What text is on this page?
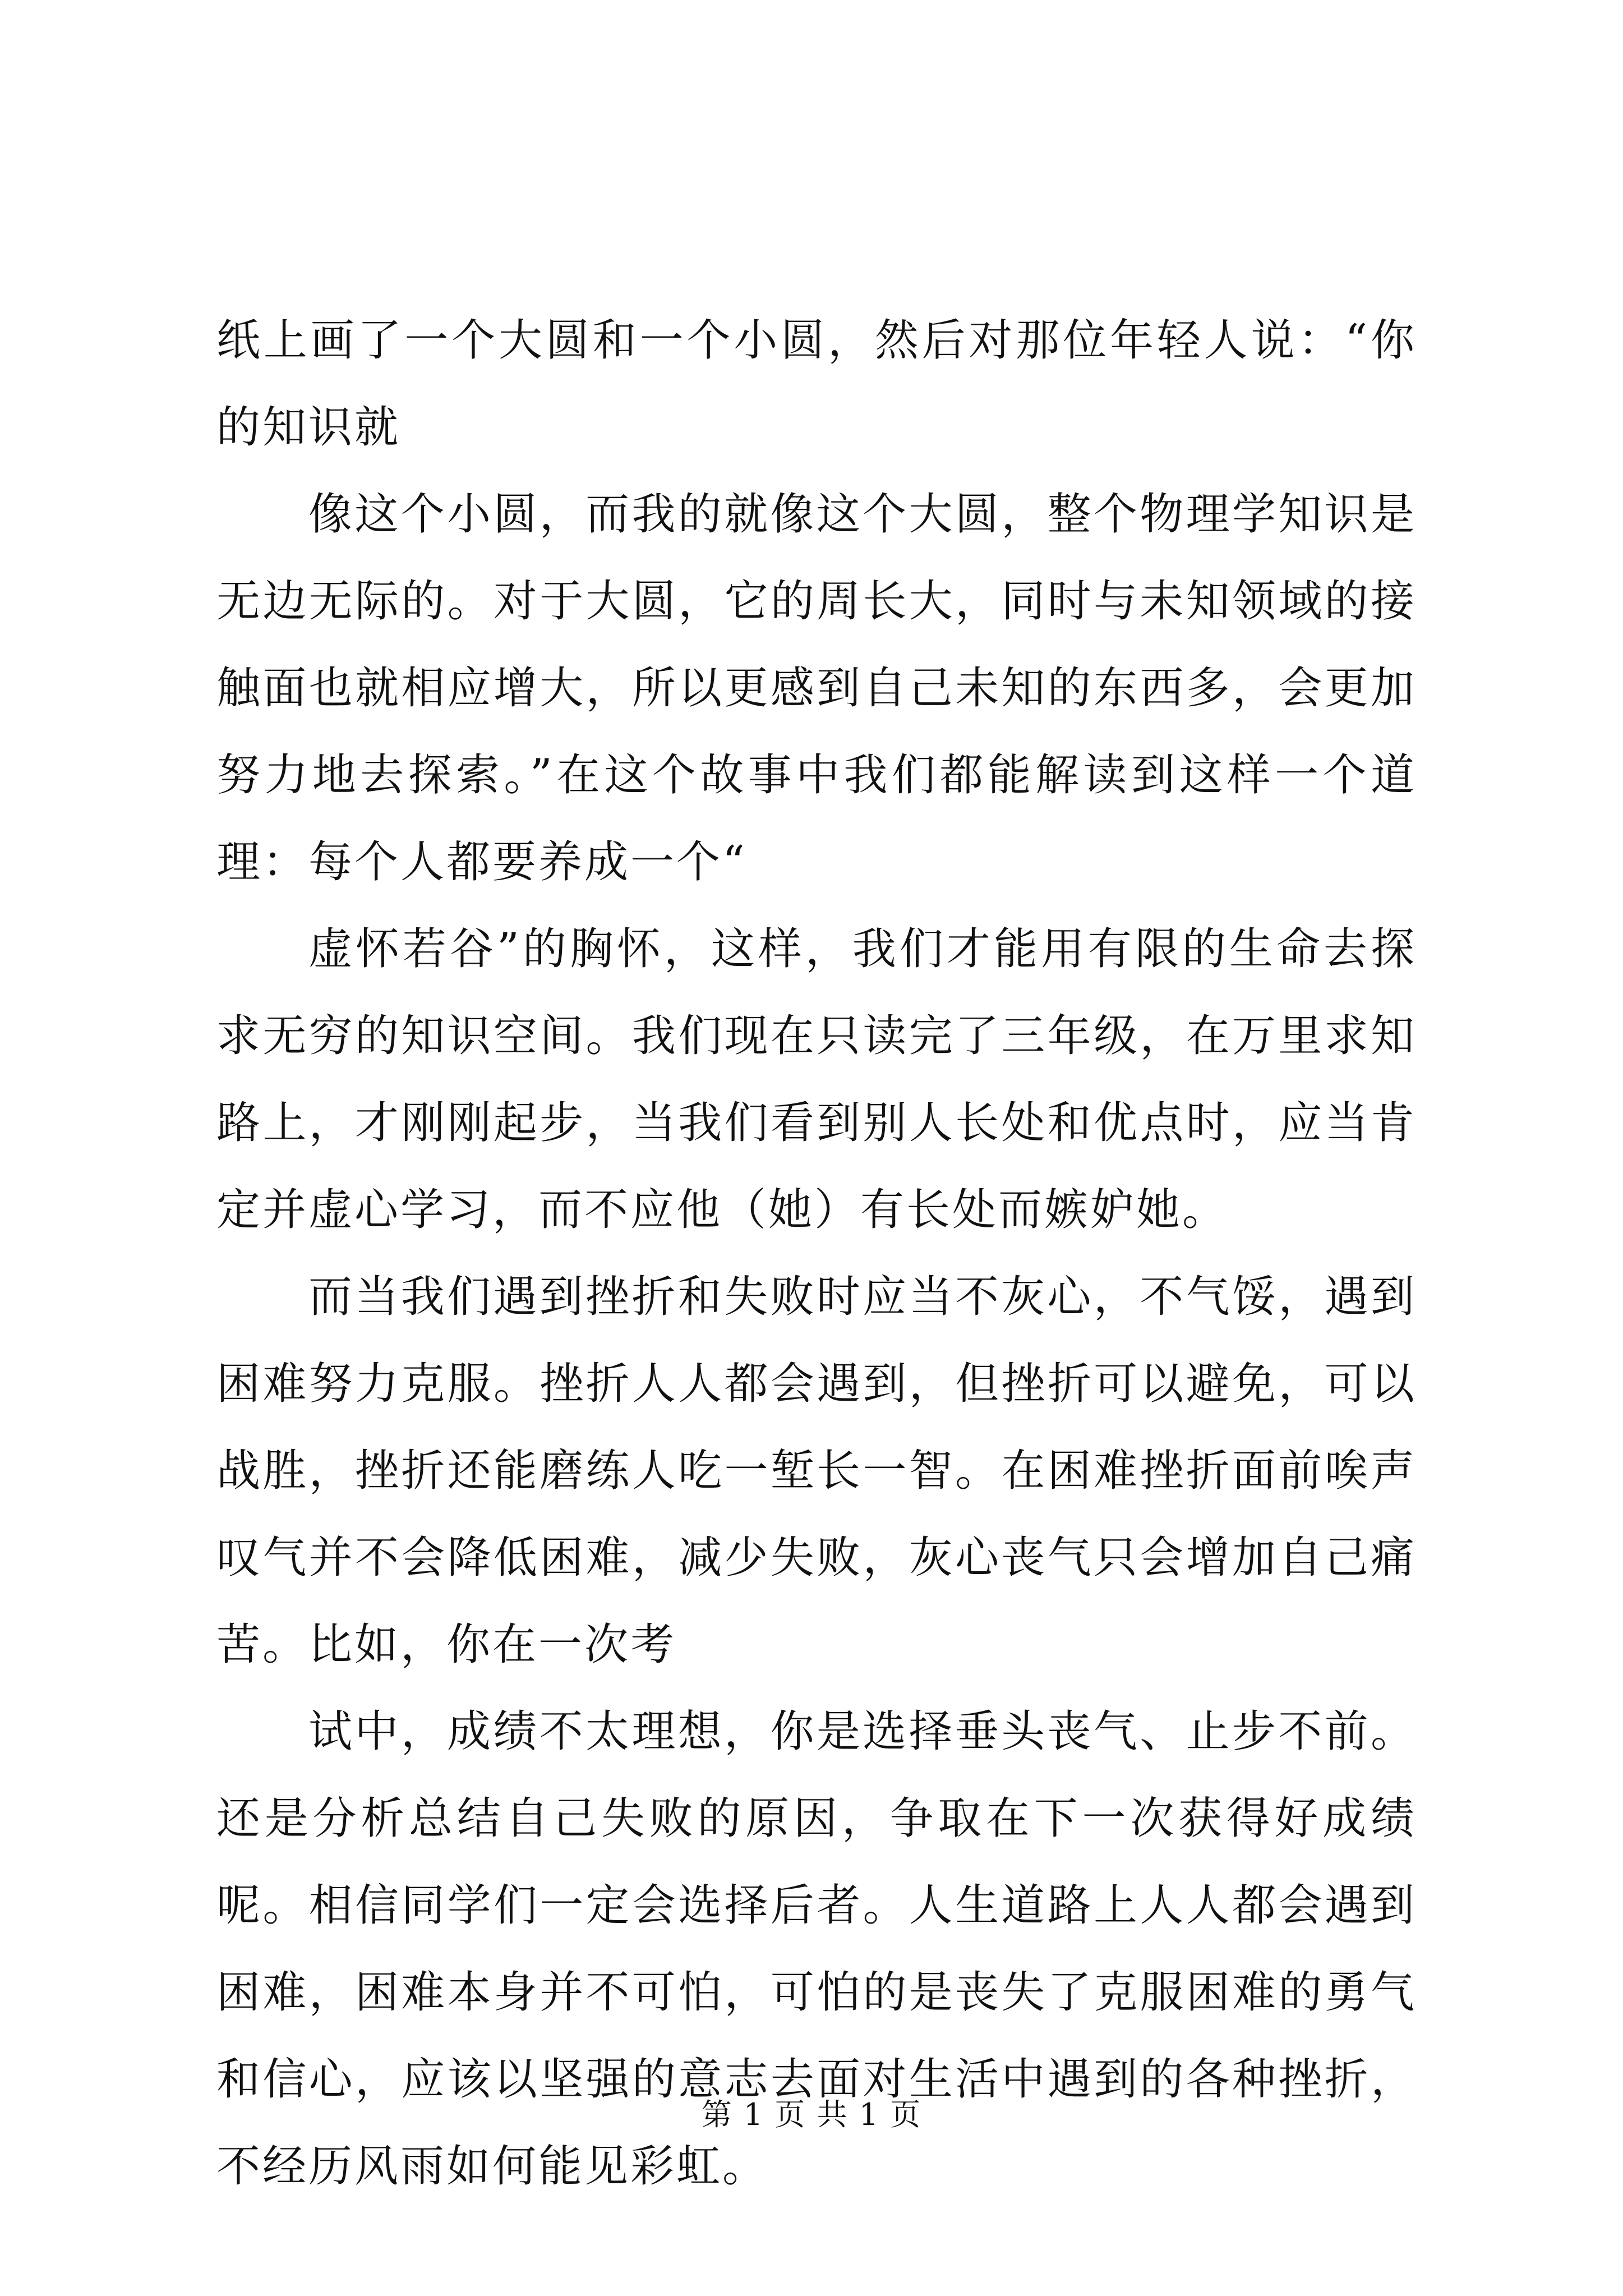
纸上画了一个大圆和一个小圆，然后对那位年轻人说：“你的知识就

像这个小圆，而我的就像这个大圆，整个物理学知识是无边无际的。对于大圆，它的周长大，同时与未知领域的接触面也就相应增大，所以更感到自己未知的东西多，会更加努力地去探索。”在这个故事中我们都能解读到这样一个道理：每个人都要养成一个“

虚怀若谷”的胸怀，这样，我们才能用有限的生命去探求无穷的知识空间。我们现在只读完了三年级，在万里求知路上，才刚刚起步，当我们看到别人长处和优点时，应当肯定并虚心学习，而不应他（她）有长处而嫉妒她。

而当我们遇到挫折和失败时应当不灰心，不气馁，遇到困难努力克服。挫折人人都会遇到，但挫折可以避免，可以战胜，挫折还能磨练人吃一堑长一智。在困难挫折面前唉声叹气并不会降低困难，减少失败，灰心丧气只会增加自己痛苦。比如，你在一次考

试中，成绩不太理想，你是选择垂头丧气、止步不前。还是分析总结自己失败的原因，争取在下一次获得好成绩呢。相信同学们一定会选择后者。人生道路上人人都会遇到困难，困难本身并不可怕，可怕的是丧失了克服困难的勇气和信心，应该以坚强的意志去面对生活中遇到的各种挫折，不经历风雨如何能见彩虹。

第 1 页 共 1 页
